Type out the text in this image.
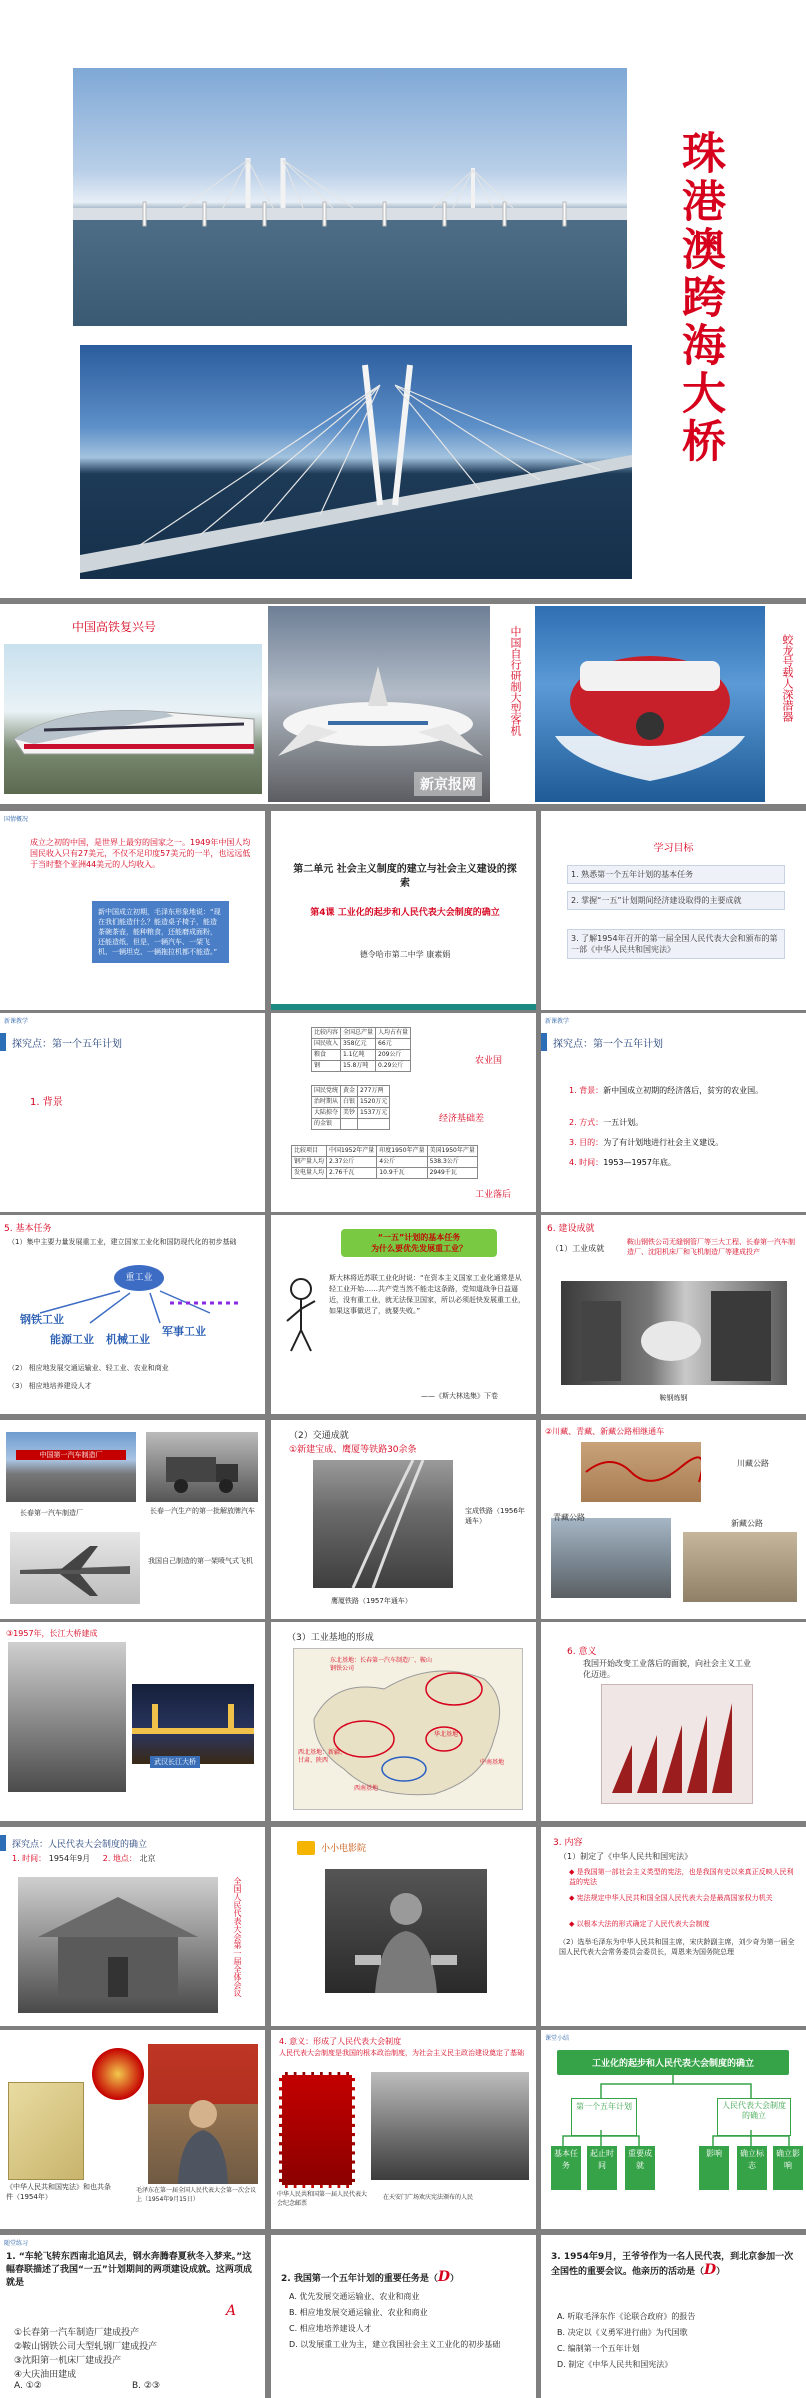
珠港澳跨海大桥
中国高铁复兴号
新京报网
中国自行研制大型客机	蛟龙号载人深潜器
国情概况
成立之初的中国，是世界上最穷的国家之一。1949年中国人均国民收入只有27美元，不仅不足印度57美元的一半，也远远低于当时整个亚洲44美元的人均收入。
新中国成立初期，毛泽东形象地说：“现在我们能造什么？能造桌子椅子，能造茶碗茶壶，能种粮食，还能磨成面粉，还能造纸，但是，一辆汽车、一架飞机、一辆坦克、一辆拖拉机都不能造。”
第二单元 社会主义制度的建立与社会主义建设的探索
第4课 工业化的起步和人民代表大会制度的确立
德令哈市第二中学 康素娟
学习目标
1. 熟悉第一个五年计划的基本任务
2. 掌握“一五”计划期间经济建设取得的主要成就
3. 了解1954年召开的第一届全国人民代表大会和颁布的第一部《中华人民共和国宪法》
新课教学
探究点：第一个五年计划
1. 背景
比较内容	全国总产量	人均占有量
国民收入	358亿元	66元
粮食	1.1亿吨	209公斤
钢	15.8万吨	0.29公斤	农业国
国民党统	黄金	277万两
治时期从	白银	1520万元
大陆掠夺	美钞	1537万元
的金银			经济基础差
比较项目	中国1952年产量	印度1950年产量	美国1950年产量
钢产量人均	2.37公斤	4公斤	538.3公斤
发电量人均	2.76千瓦	10.9千瓦	2949千瓦
工业落后
新课教学
探究点：第一个五年计划
1. 背景：新中国成立初期的经济落后，贫穷的农业国。
2. 方式：一五计划。
3. 目的：为了有计划地进行社会主义建设。
4. 时间：1953—1957年底。
5. 基本任务
（1）集中主要力量发展重工业，建立国家工业化和国防现代化的初步基础
重工业
钢铁工业
能源工业 机械工业
军事工业
（2） 相应地发展交通运输业、轻工业、农业和商业
（3） 相应地培养建设人才
“一五”计划的基本任务
为什么要优先发展重工业？
斯大林将近苏联工业化时说：“在资本主义国家工业化通常是从轻工业开始……共产党当然不能走这条路，党知道战争日益逼近，没有重工业，就无法保卫国家，所以必须赶快发展重工业，如果这事做迟了，就要失败。”
——《斯大林选集》下卷
6. 建设成就
（1）工业成就
鞍山钢铁公司无缝钢管厂等三大工程、长春第一汽车制造厂、沈阳机床厂和飞机制造厂等建成投产
鞍钢炼钢
中国第一汽车制造厂
长春第一汽车制造厂	长春一汽生产的第一批解放牌汽车
我国自己制造的第一架喷气式飞机
（2）交通成就
①新建宝成、鹰厦等铁路30余条
宝成铁路（1956年通车）
鹰厦铁路（1957年通车）
②川藏、青藏、新藏公路相继通车
川藏公路
青藏公路
新藏公路
③1957年，长江大桥建成
武汉长江大桥
（3）工业基地的形成
东北基地：长春第一汽车制造厂、鞍山钢铁公司
华北基地
西北基地：新疆、甘肃、陕西	中南基地
西南基地
6. 意义
我国开始改变工业落后的面貌，向社会主义工业化迈进。
探究点：人民代表大会制度的确立
1. 时间： 1954年9月 2. 地点： 北京
全国人民代表大会第一届全体会议
小小电影院
3. 内容
（1）制定了《中华人民共和国宪法》
◆ 是我国第一部社会主义类型的宪法，也是我国有史以来真正反映人民利益的宪法
◆ 宪法规定中华人民共和国全国人民代表大会是最高国家权力机关
◆ 以根本大法的形式确定了人民代表大会制度
（2）选举毛泽东为中华人民共和国主席，宋庆龄副主席，刘少奇为第一届全国人民代表大会常务委员会委员长，周恩来为国务院总理
《中华人民共和国宪法》和也共条件（1954年）
毛泽东在第一届全国人民代表大会第一次会议上（1954年9月15日）
4. 意义：形成了人民代表大会制度
人民代表大会制度是我国的根本政治制度，为社会主义民主政治建设奠定了基础
中华人民共和国第一届人民代表大会纪念邮票
在天安门广场欢庆宪法颁布的人民
课堂小结
工业化的起步和人民代表大会制度的确立
第一个五年计划	人民代表大会制度的确立
基本任务
起止时间
重要成就
影响	确立标志
确立影响
随堂练习
1. “车轮飞转东西南北追风去，钢水奔腾春夏秋冬入梦来。”这幅春联描述了我国“一五”计划期间的两项建设成就。这两项成就是
A
①长春第一汽车制造厂建成投产
②鞍山钢铁公司大型轧钢厂建成投产
③沈阳第一机床厂建成投产
④大庆油田建成
A. ①②	B. ②③
2. 我国第一个五年计划的重要任务是（D）
A. 优先发展交通运输业、农业和商业
B. 相应地发展交通运输业、农业和商业
C. 相应地培养建设人才
D. 以发展重工业为主，建立我国社会主义工业化的初步基础
3. 1954年9月，王爷爷作为一名人民代表，到北京参加一次全国性的重要会议。他亲历的活动是（D）
A. 听取毛泽东作《论联合政府》的报告
B. 决定以《义勇军进行曲》为代国歌
C. 编制第一个五年计划
D. 制定《中华人民共和国宪法》
